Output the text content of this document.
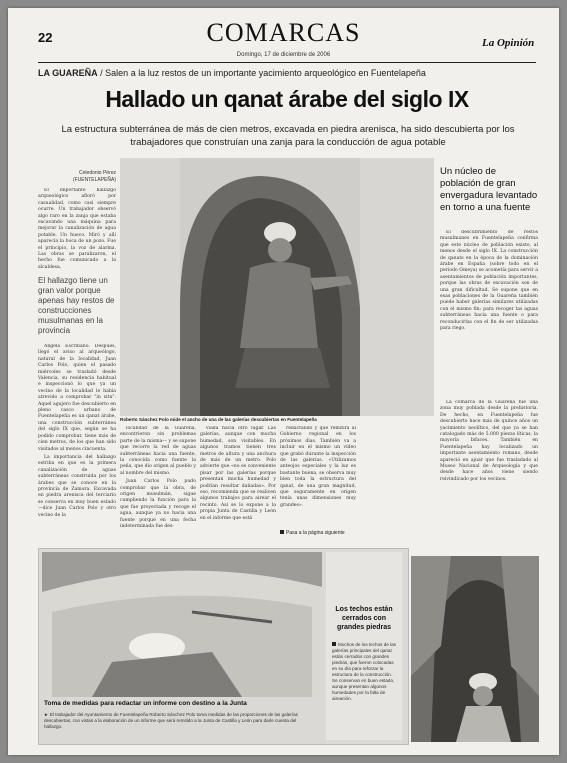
22	COMARCAS
Domingo, 17 de diciembre de 2006
La Opinión
LA GUAREÑA / Salen a la luz restos de un importante yacimiento arqueológico en Fuentelapeña
Hallado un qanat árabe del siglo IX
La estructura subterránea de más de cien metros, excavada en piedra arenisca, ha sido descubierta por los trabajadores que construían una zanja para la conducción de agua potable
Celedonio Pérez
(FUENTELAPEÑA)

El importante hallazgo arqueológico afloró por casualidad, como casi siempre ocurre. Un trabajador observó algo raro en la zanja que estaba excavando una máquina para mejorar la canalización de agua potable. Un hueco. Miró y allí aparecía la boca de un pozo. Fue el principio, la voz de alarma. Las obras se paralizaron, el hecho fue comunicado a la alcaldesa,

El hallazgo tiene un gran valor porque apenas hay restos de construcciones musulmanas en la provincia

Ángela Escribano. Después, llegó el aviso al arqueólogo, natural de la localidad, Juan Carlos Polo, quien el pasado miércoles se trasladó desde Valencia, su residencia habitual e inspeccionó lo que ya un vecino de la localidad le había atrevido a comprobar "in situ". Aquel agujero fue descubierto en pleno casco urbano de Fuentelapeña es un qanat árabe, una construcción subterránea del siglo IX que, según se ha podido comprobar, tiene más de cien metros, de los que han sido visitados al menos cincuenta.

La importancia del hallazgo estriba en que es la primera canalización de aguas subterráneas construida por los árabes que se conoce en la provincia de Zamora. Excavada en piedra arenisca del terciario se conserva en muy buen estado —dice Juan Carlos Polo y otro vecino de la

Roberto Sánchez Polo mide el ancho de una de las galerías descubiertas en Fuentelapeña

localidad de la Guareña, encontrieron sin problemas parte de la misma— y se supone que recorre la red de aguas subterráneas hacia una fuente, la conocida como fuente la peña, que dio origen al pueblo y al nombre del mismo.

Juan Carlos Polo pudo comprobar que la obra, de origen musulmán, sigue cumpliendo la función para la que fue proyectada y recoge el agua, aunque ya no hacia una fuente porque en una fecha indeterminada fue des-

viada hacia otro lugar. Las galerías, aunque con mucha humedad, son visitables. En algunos tramos tienen tres metros de altura y una anchura de más de un metro. Polo advierte que «no es conveniente pisar por las galerías porque presentan mucha humedad y podrían resultar dañadas». Por eso, recomienda que se realicen algunos trabajos para airear el recinto. Así se lo expone a la propia Junta de Castilla y León en el informe que está

redactando y que remitirá al Gobierno regional en los próximos días. También va a incluir en el mismo un vídeo que grabó durante la inspección de las galerías. «Utilizamos anteojos especiales y la luz es bastante buena, se observa muy bien toda la estructura del qanat, de una gran magnitud, que seguramente en origen tenía unas dimensiones muy grandes».

Pasa a la página siguiente
Un núcleo de población de gran envergadura levantado en torno a una fuente

El descubrimiento de restos musulmanes en Fuentelapeña confirma que este núcleo de población existe, al menos desde el siglo IX. La construcción de qanats en la época de la dominación árabe en España (sobre todo en el periodo Omeya) se acometía para servir a asentamientos de población importantes, porque las obras de excavación son de una gran dificultad. Se supone que en esas poblaciones de la Guareña también puede haber galerías similares utilizadas con el mismo fin: para recoger las aguas subterráneas hacia una fuente o para reconducirlas con el fin de ser utilizadas para riego.

La comarca de la Guareña fue una zona muy poblada desde la prehistoria. De hecho, en Fuentelapeña fue descubierto hace más de quince años un yacimiento neolítico, del que ya se han catalogado más de 5.000 piezas líticas, la mayoría bifaces. También en Fuentelapeña hay localizado un importante asentamiento romano, desde apareció en ajuar que fue trasladado al Museo Nacional de Arqueología y que desde hace años viene siendo reivindicado por los vecinos.

Los techos están cerrados con grandes piedras
Muchos de los techos de las galerías principales del qanat están cerrados con grandes piedras, que fueron colocadas en su día para reforzar la estructura de la construcción. Se conservan en buen estado, aunque presentan algunos humedades por la falta de aireación.
Toma de medidas para redactar un informe con destino a la Junta
► El trabajador del Ayuntamiento de Fuentelapeña Roberto Sánchez Polo toma medidas de las proporciones de las galerías descubiertas, con vistas a la elaboración de un informe que será remitido a la Junta de Castilla y León para darle cuenta del hallazgo.
